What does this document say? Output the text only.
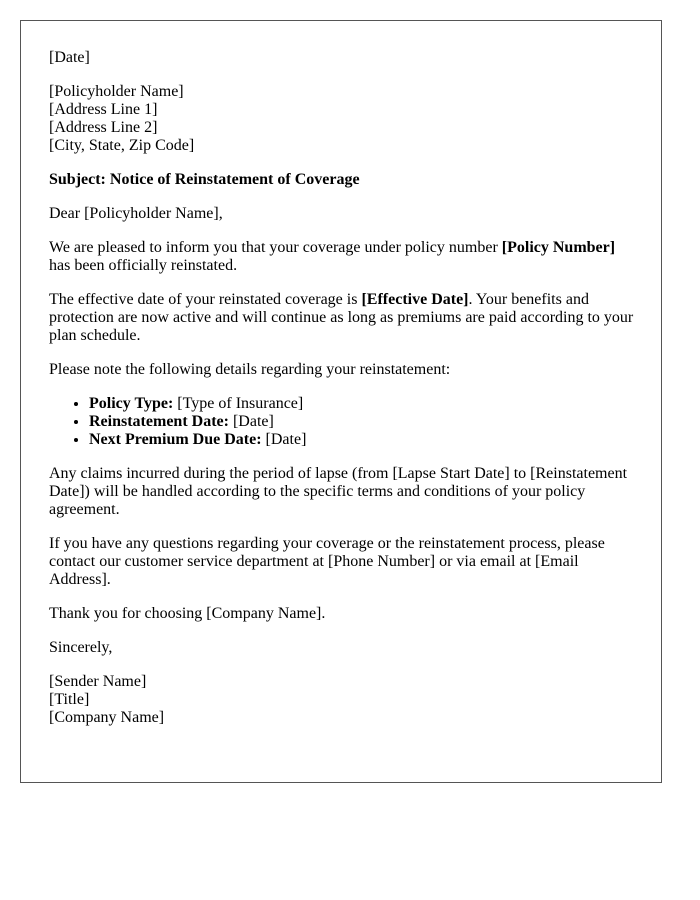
[Date]

[Policyholder Name]
[Address Line 1]
[Address Line 2]
[City, State, Zip Code]

Subject: Notice of Reinstatement of Coverage

Dear [Policyholder Name],

We are pleased to inform you that your coverage under policy number [Policy Number] has been officially reinstated.

The effective date of your reinstated coverage is [Effective Date]. Your benefits and protection are now active and will continue as long as premiums are paid according to your plan schedule.

Please note the following details regarding your reinstatement:

• Policy Type: [Type of Insurance]
• Reinstatement Date: [Date]
• Next Premium Due Date: [Date]

Any claims incurred during the period of lapse (from [Lapse Start Date] to [Reinstatement Date]) will be handled according to the specific terms and conditions of your policy agreement.

If you have any questions regarding your coverage or the reinstatement process, please contact our customer service department at [Phone Number] or via email at [Email Address].

Thank you for choosing [Company Name].

Sincerely,

[Sender Name]
[Title]
[Company Name]
